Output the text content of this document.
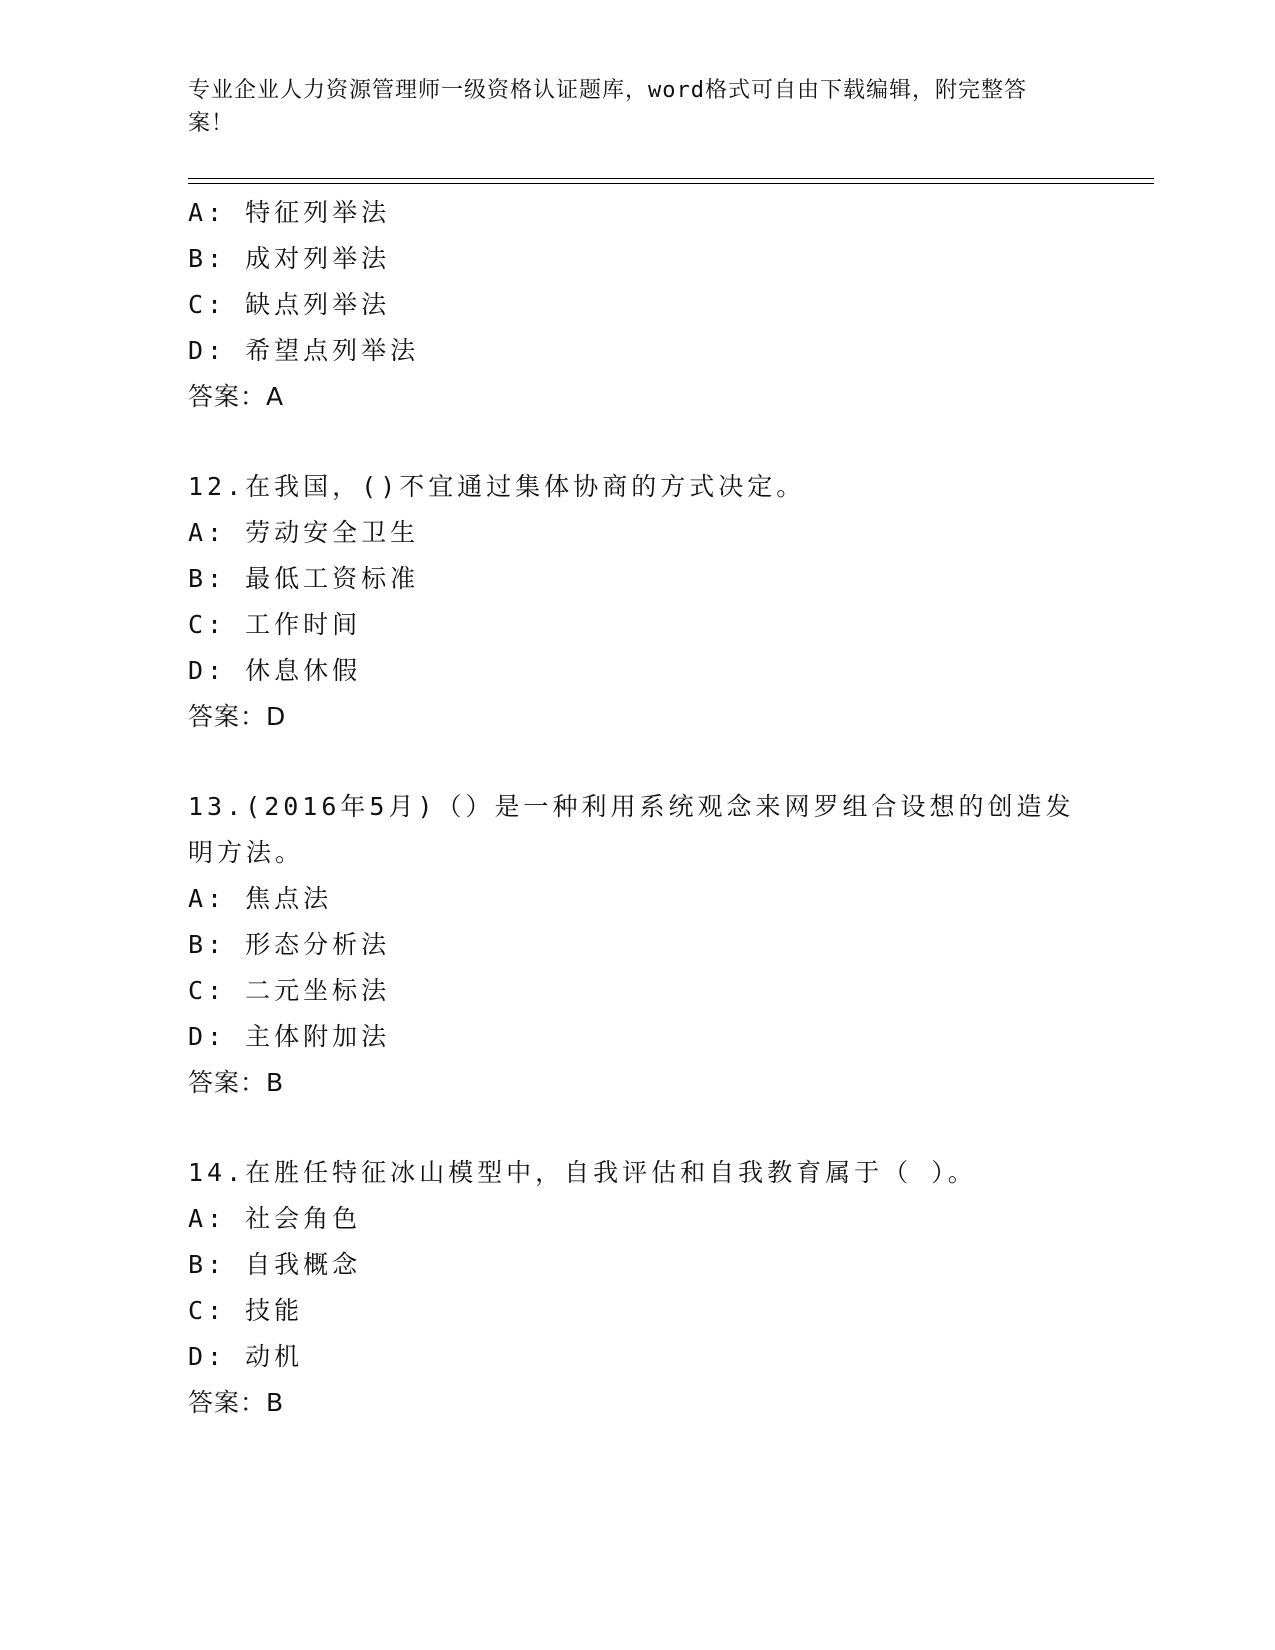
专业企业人力资源管理师一级资格认证题库，word格式可自由下载编辑，附完整答案！
A: 特征列举法
B: 成对列举法
C: 缺点列举法
D: 希望点列举法
答案：A
12.在我国，()不宜通过集体协商的方式决定。
A: 劳动安全卫生
B: 最低工资标准
C: 工作时间
D: 休息休假
答案：D
13.(2016年5月)（）是一种利用系统观念来网罗组合设想的创造发明方法。
A: 焦点法
B: 形态分析法
C: 二元坐标法
D: 主体附加法
答案：B
14.在胜任特征冰山模型中，自我评估和自我教育属于（ ）。
A: 社会角色
B: 自我概念
C: 技能
D: 动机
答案：B
